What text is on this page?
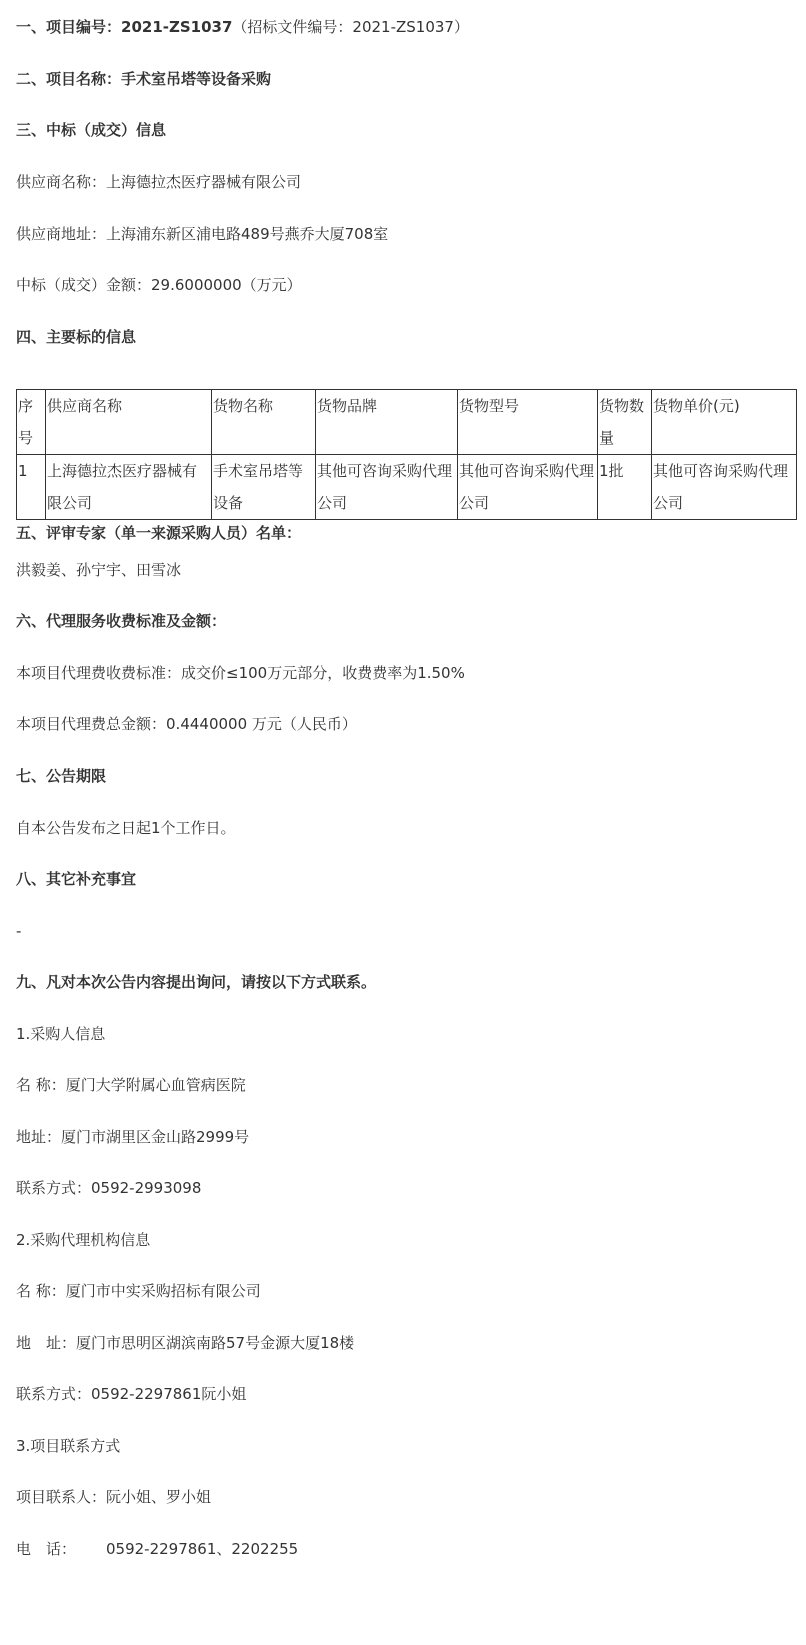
一、项目编号：2021-ZS1037（招标文件编号：2021-ZS1037）
二、项目名称：手术室吊塔等设备采购
三、中标（成交）信息
供应商名称：上海德拉杰医疗器械有限公司
供应商地址：上海浦东新区浦电路489号燕乔大厦708室
中标（成交）金额：29.6000000（万元）
四、主要标的信息
序号	供应商名称	货物名称	货物品牌	货物型号	货物数量	货物单价(元)
1	上海德拉杰医疗器械有限公司	手术室吊塔等设备	其他可咨询采购代理公司	其他可咨询采购代理公司	1批	其他可咨询采购代理公司
五、评审专家（单一来源采购人员）名单：
洪毅姜、孙宁宇、田雪冰
六、代理服务收费标准及金额：
本项目代理费收费标准：成交价≤100万元部分，收费费率为1.50%
本项目代理费总金额：0.4440000 万元（人民币）
七、公告期限
自本公告发布之日起1个工作日。
八、其它补充事宜
-
九、凡对本次公告内容提出询问，请按以下方式联系。
1.采购人信息
名 称：厦门大学附属心血管病医院
地址：厦门市湖里区金山路2999号
联系方式：0592-2993098
2.采购代理机构信息
名 称：厦门市中实采购招标有限公司
地　址：厦门市思明区湖滨南路57号金源大厦18楼
联系方式：0592-2297861阮小姐
3.项目联系方式
项目联系人：阮小姐、罗小姐
电　话： 0592-2297861、2202255
